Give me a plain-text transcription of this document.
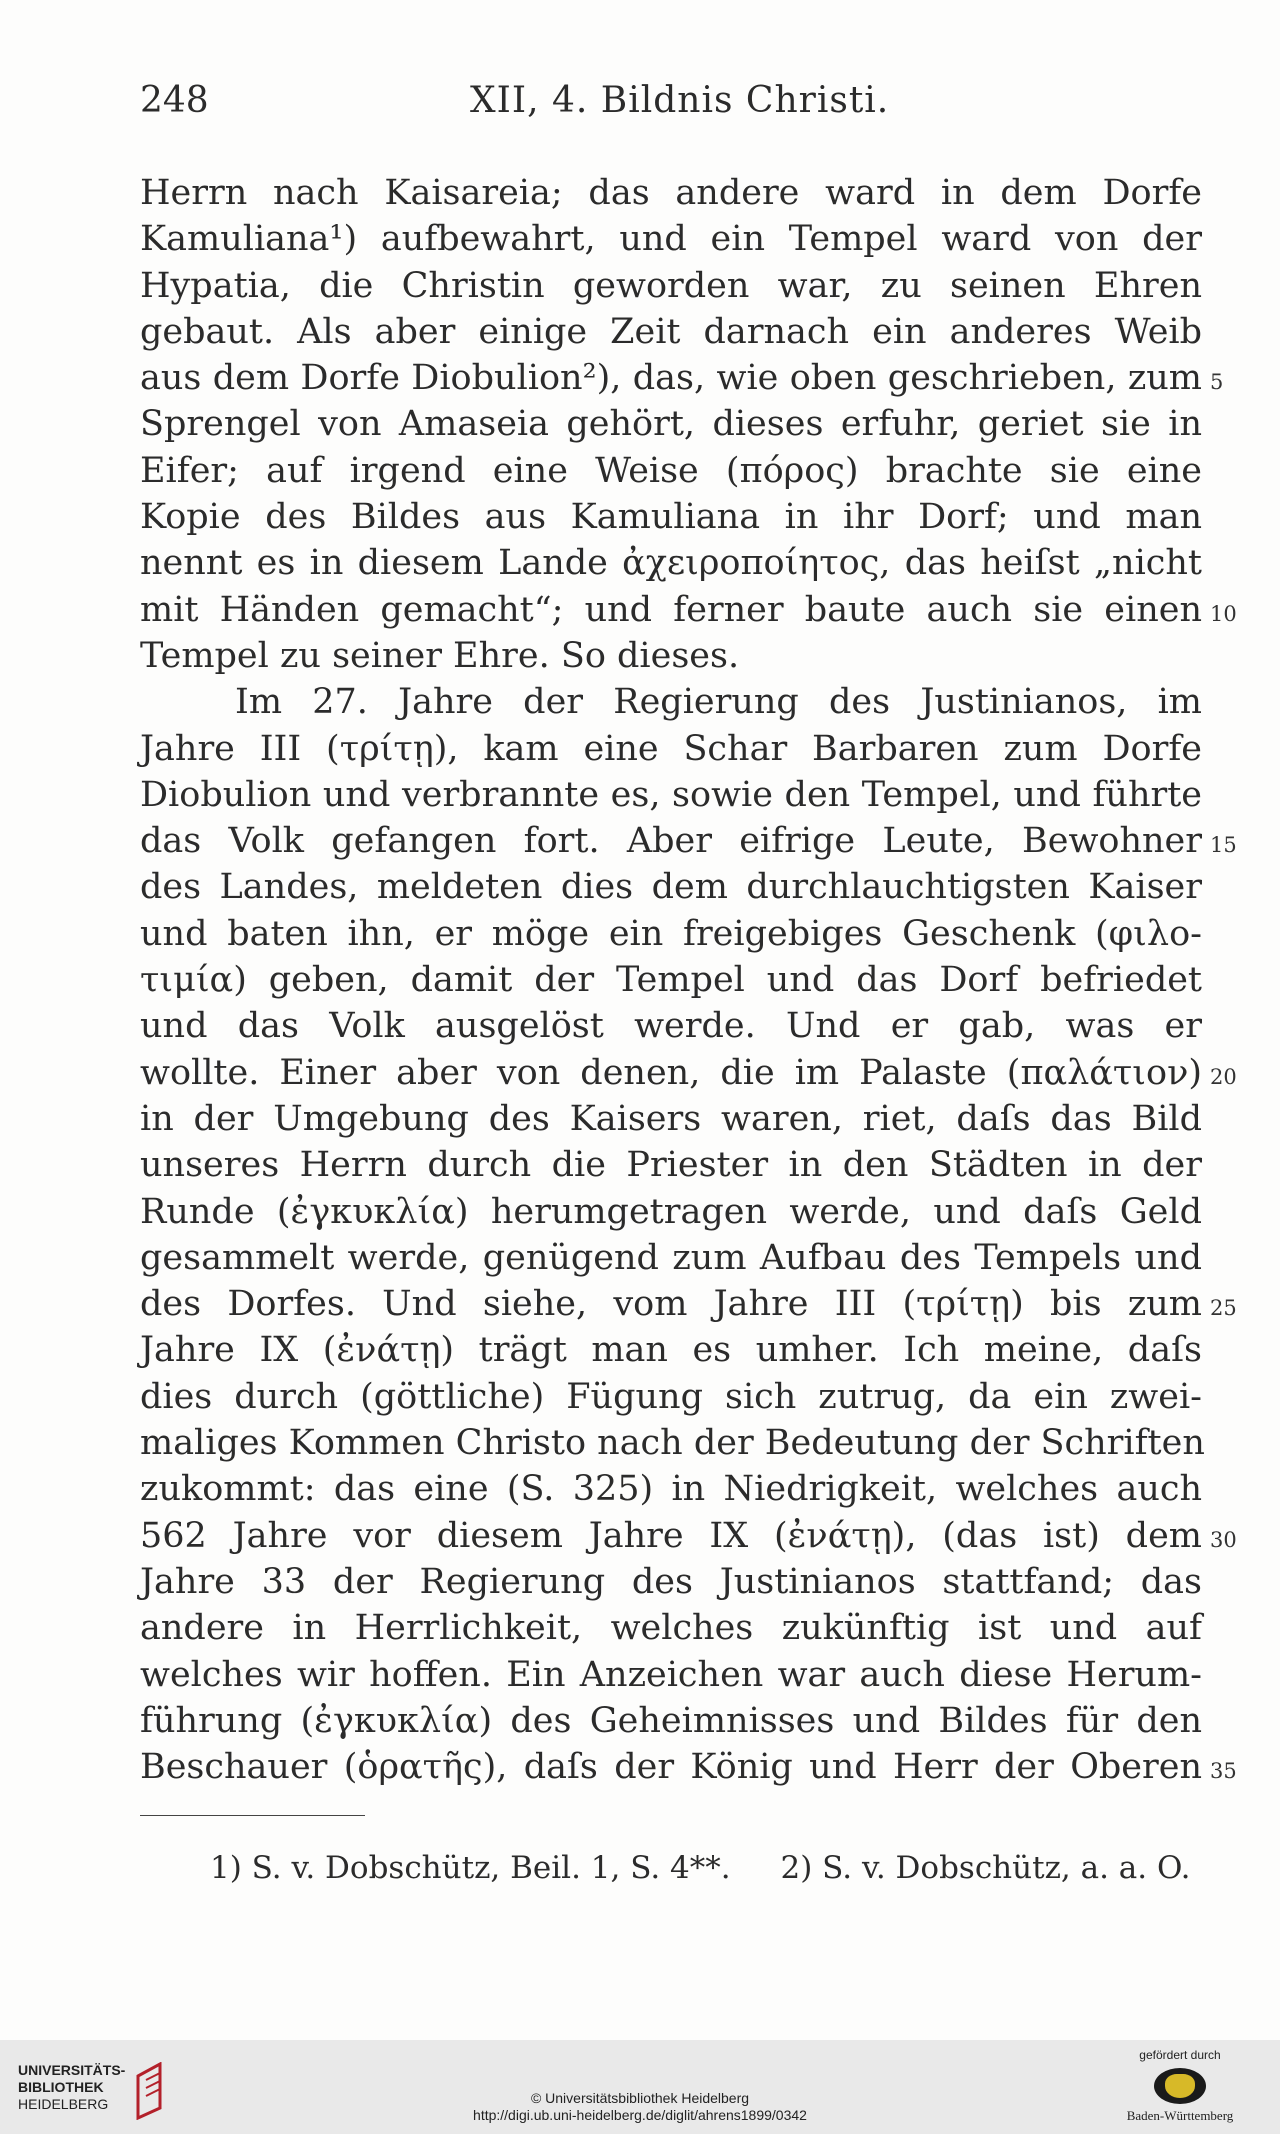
248	XII, 4. Bildnis Christi.
Herrn nach Kaisareia; das andere ward in dem Dorfe
Kamuliana¹) aufbewahrt, und ein Tempel ward von der
Hypatia, die Christin geworden war, zu seinen Ehren
gebaut. Als aber einige Zeit darnach ein anderes Weib
aus dem Dorfe Diobulion²), das, wie oben geschrieben, zum 5
Sprengel von Amaseia gehört, dieses erfuhr, geriet sie in
Eifer; auf irgend eine Weise (πόρος) brachte sie eine
Kopie des Bildes aus Kamuliana in ihr Dorf; und man
nennt es in diesem Lande ἀχειροποίητος, das heiſst „nicht
mit Händen gemacht“; und ferner baute auch sie einen 10
Tempel zu seiner Ehre. So dieses.
Im 27. Jahre der Regierung des Justinianos, im
Jahre III (τρίτῃ), kam eine Schar Barbaren zum Dorfe
Diobulion und verbrannte es, sowie den Tempel, und führte
das Volk gefangen fort. Aber eifrige Leute, Bewohner 15
des Landes, meldeten dies dem durchlauchtigsten Kaiser
und baten ihn, er möge ein freigebiges Geschenk (φιλο-
τιμία) geben, damit der Tempel und das Dorf befriedet
und das Volk ausgelöst werde. Und er gab, was er
wollte. Einer aber von denen, die im Palaste (παλάτιον) 20
in der Umgebung des Kaisers waren, riet, daſs das Bild
unseres Herrn durch die Priester in den Städten in der
Runde (ἐγκυκλία) herumgetragen werde, und daſs Geld
gesammelt werde, genügend zum Aufbau des Tempels und
des Dorfes. Und siehe, vom Jahre III (τρίτῃ) bis zum 25
Jahre IX (ἐνάτῃ) trägt man es umher. Ich meine, daſs
dies durch (göttliche) Fügung sich zutrug, da ein zwei-
maliges Kommen Christo nach der Bedeutung der Schriften
zukommt: das eine (S. 325) in Niedrigkeit, welches auch
562 Jahre vor diesem Jahre IX (ἐνάτῃ), (das ist) dem 30
Jahre 33 der Regierung des Justinianos stattfand; das
andere in Herrlichkeit, welches zukünftig ist und auf
welches wir hoffen. Ein Anzeichen war auch diese Herum-
führung (ἐγκυκλία) des Geheimnisses und Bildes für den
Beschauer (ὁρατῆς), daſs der König und Herr der Oberen 35
1) S. v. Dobschütz, Beil. 1, S. 4**. 2) S. v. Dobschütz, a. a. O.
UNIVERSITÄTS-
BIBLIOTHEK
HEIDELBERG	© Universitätsbibliothek Heidelberg
http://digi.ub.uni-heidelberg.de/diglit/ahrens1899/0342
gefördert durch
Baden-Württemberg
